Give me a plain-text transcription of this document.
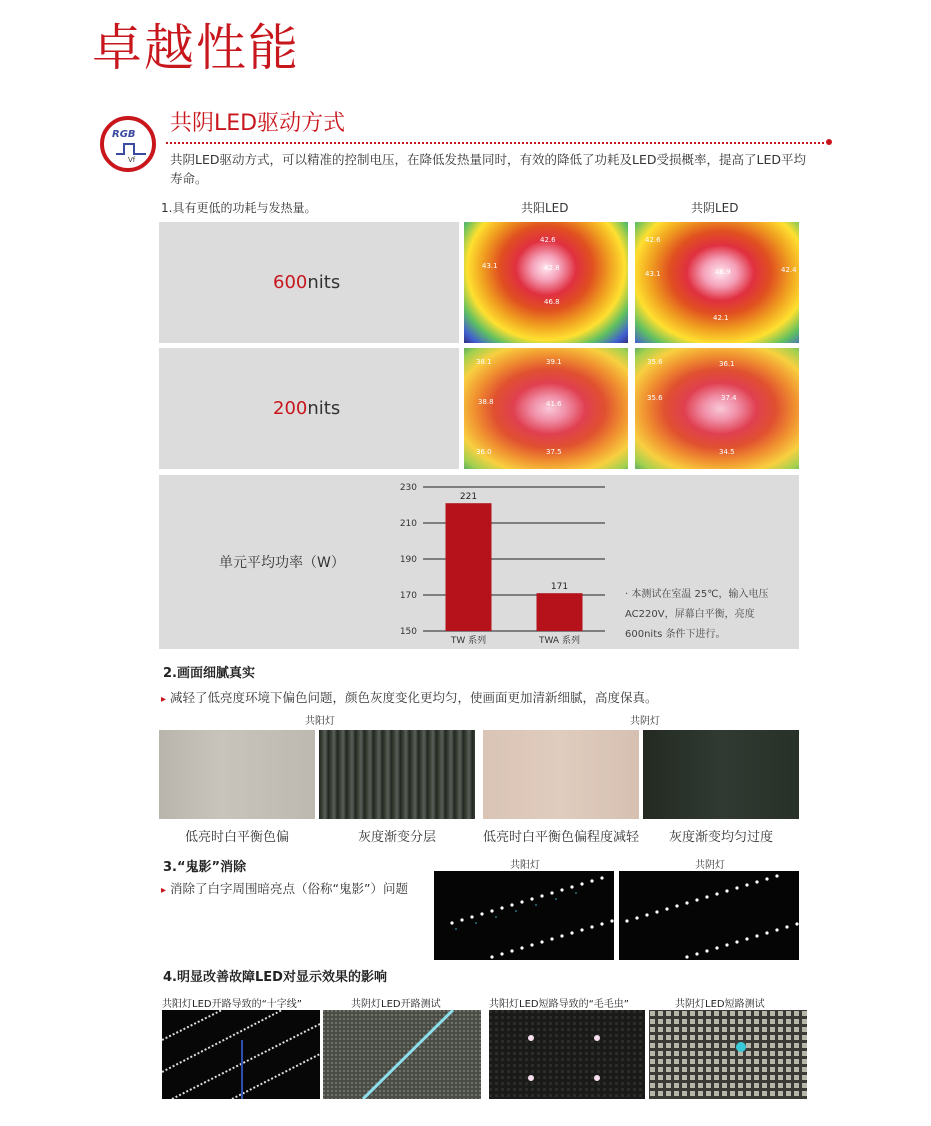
卓越性能
RGB
Vf
共阴LED驱动方式
共阴LED驱动方式，可以精准的控制电压，在降低发热量同时，有效的降低了功耗及LED受损概率，提高了LED平均寿命。
1.具有更低的功耗与发热量。	共阳LED	共阴LED
600nits
42.6
43.1	42.8
46.8
42.6
43.1	46.9
42.1
42.4
200nits
38.1	39.1
38.8	41.6
37.5
36.0
35.6	36.1
35.6	37.4
34.5
单元平均功率（W）
150
170
190
210
230
221
TW 系列
171
TWA 系列
· 本测试在室温 25℃，输入电压 AC220V，屏幕白平衡，亮度 600nits 条件下进行。
2.画面细腻真实
▸ 减轻了低亮度环境下偏色问题，颜色灰度变化更均匀，使画面更加清新细腻，高度保真。
共阳灯	共阴灯
低亮时白平衡色偏	灰度渐变分层	低亮时白平衡色偏程度减轻	灰度渐变均匀过度
3.“鬼影”消除
▸ 消除了白字周围暗亮点（俗称“鬼影”）问题
共阳灯	共阴灯
4.明显改善故障LED对显示效果的影响
共阳灯LED开路导致的“十字线”	共阴灯LED开路测试	共阳灯LED短路导致的“毛毛虫”	共阴灯LED短路测试
